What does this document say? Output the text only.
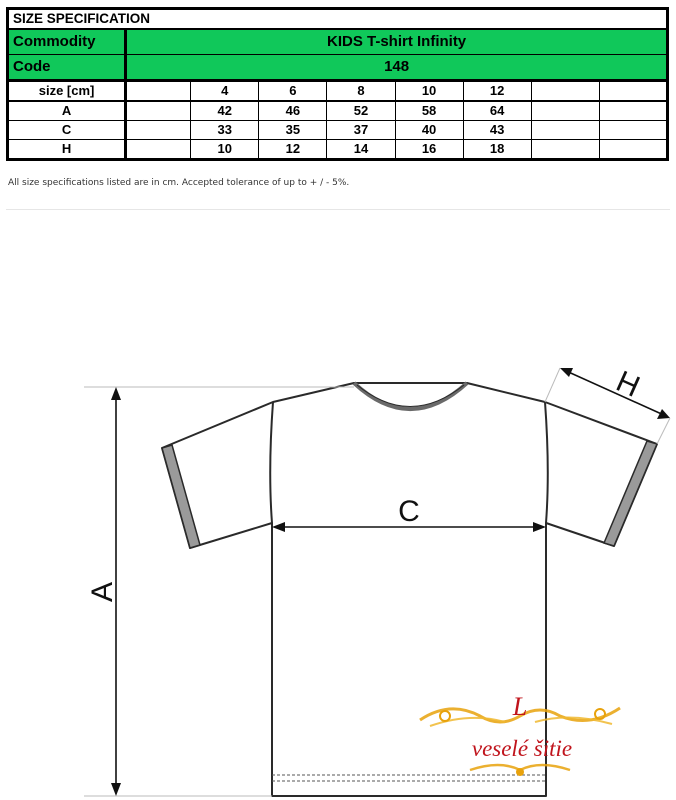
SIZE SPECIFICATION								
Commodity	KIDS T-shirt Infinity							
Code	148							
size [cm]		4	6	8	10	12		
A		42	46	52	58	64		
C		33	35	37	40	43		
H		10	12	14	16	18		
All size specifications listed are in cm. Accepted tolerance of up to + / - 5%.
A
C
H
L
veselé šitie
